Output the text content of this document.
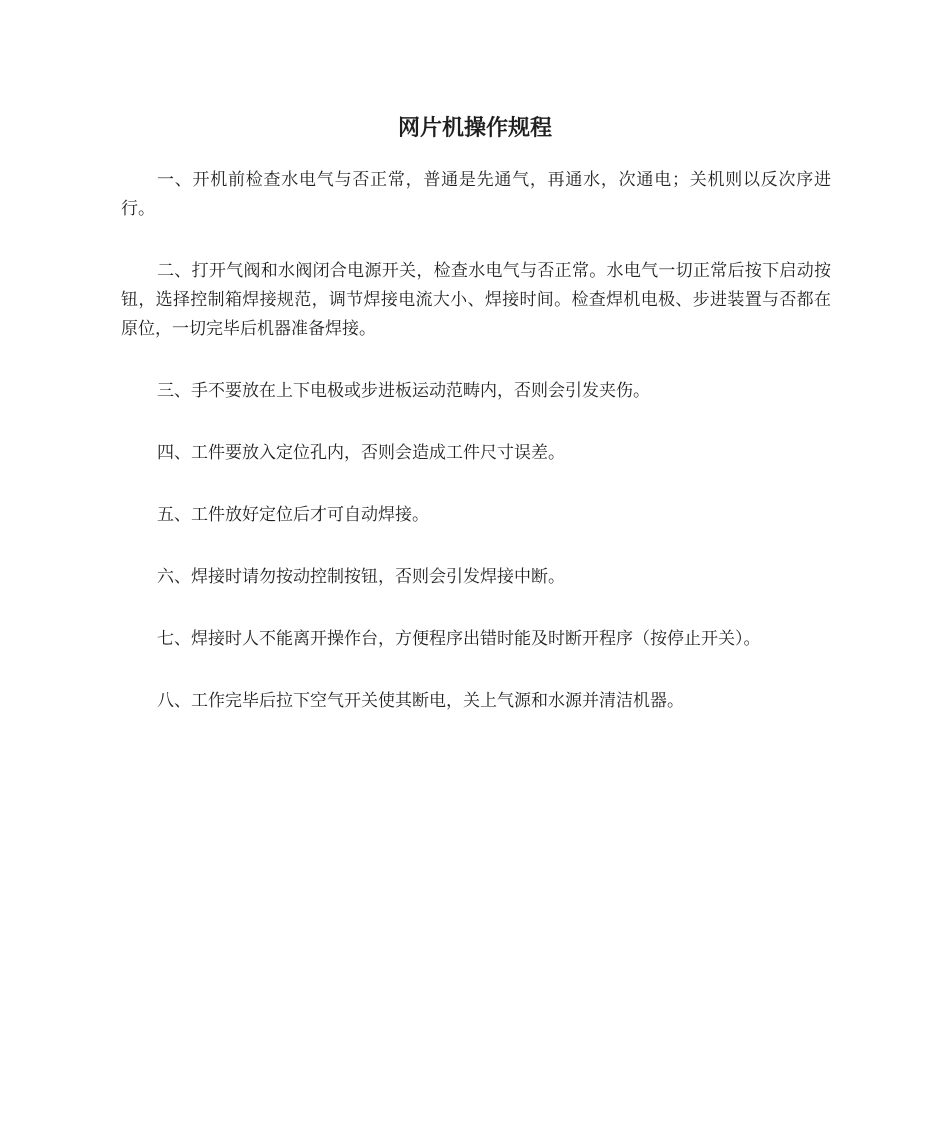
网片机操作规程

一、开机前检查水电气与否正常，普通是先通气，再通水，次通电；关机则以反次序进行。

二、打开气阀和水阀闭合电源开关，检查水电气与否正常。水电气一切正常后按下启动按钮，选择控制箱焊接规范，调节焊接电流大小、焊接时间。检查焊机电极、步进装置与否都在原位，一切完毕后机器准备焊接。

三、手不要放在上下电极或步进板运动范畴内，否则会引发夹伤。

四、工件要放入定位孔内，否则会造成工件尺寸误差。

五、工件放好定位后才可自动焊接。

六、焊接时请勿按动控制按钮，否则会引发焊接中断。

七、焊接时人不能离开操作台，方便程序出错时能及时断开程序（按停止开关）。

八、工作完毕后拉下空气开关使其断电，关上气源和水源并清洁机器。
